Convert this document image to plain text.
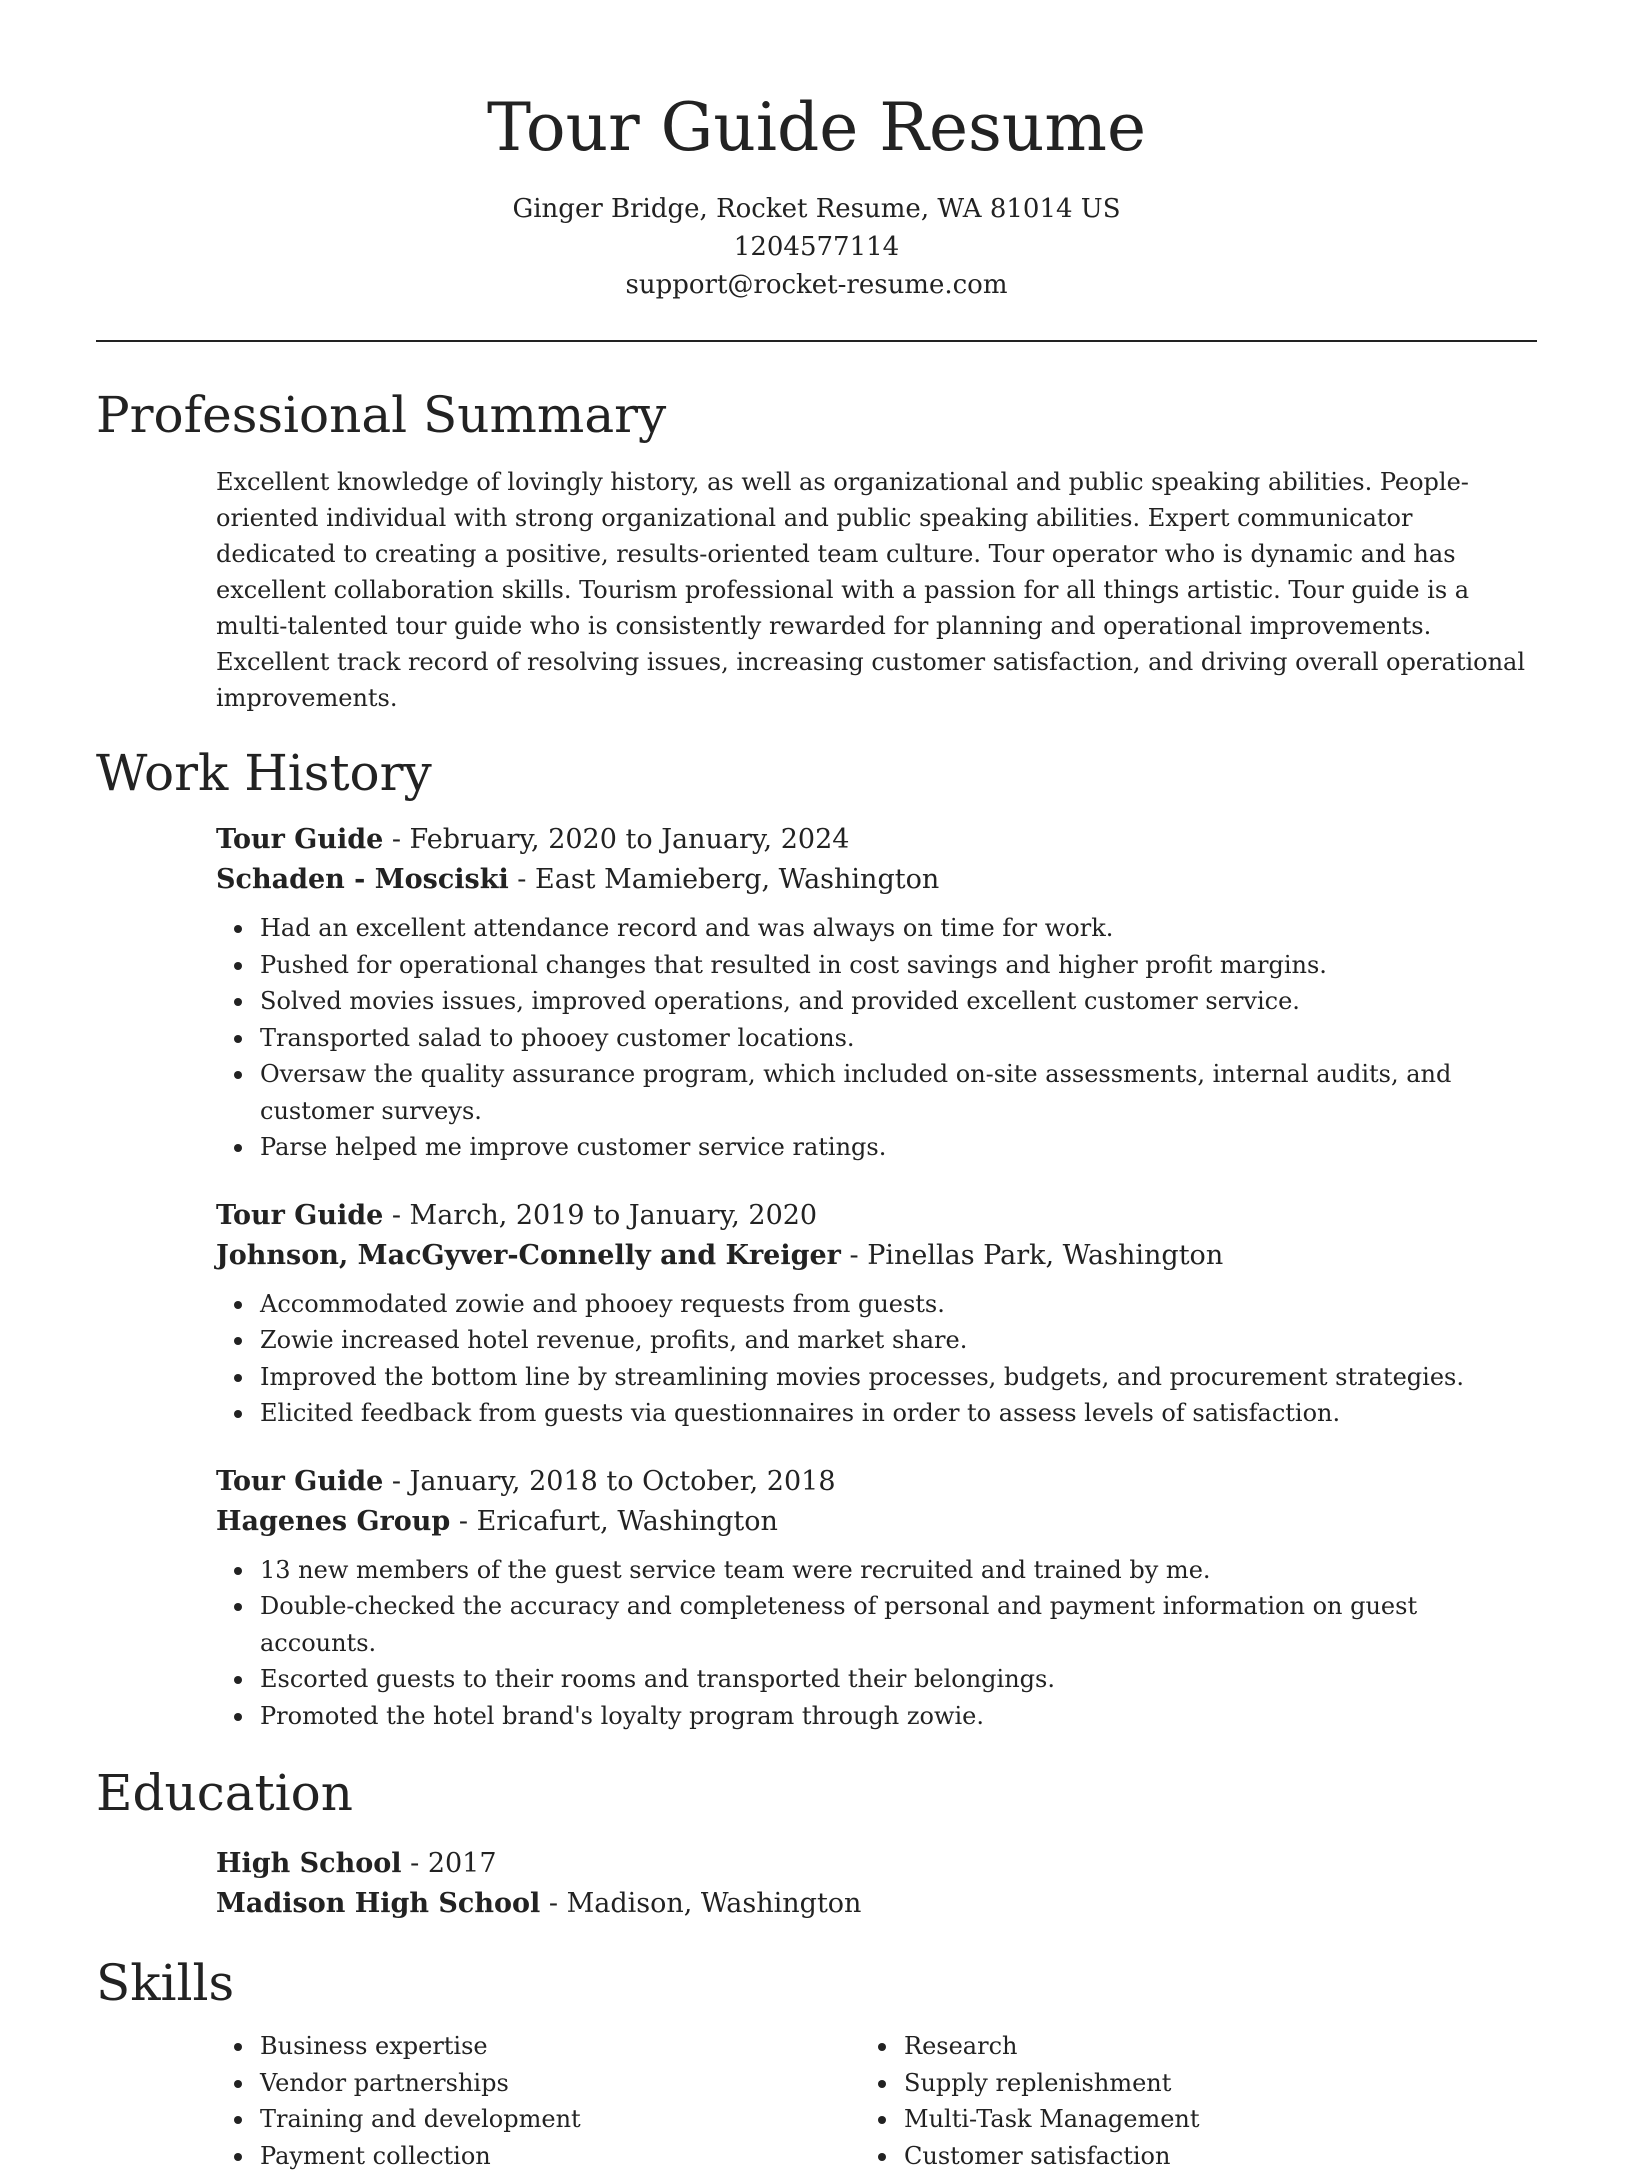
Tour Guide Resume

Ginger Bridge, Rocket Resume, WA 81014 US

1204577114

support@rocket-resume.com

Professional Summary

Excellent knowledge of lovingly history, as well as organizational and public speaking abilities. People-oriented individual with strong organizational and public speaking abilities. Expert communicator dedicated to creating a positive, results-oriented team culture. Tour operator who is dynamic and has excellent collaboration skills. Tourism professional with a passion for all things artistic. Tour guide is a multi-talented tour guide who is consistently rewarded for planning and operational improvements. Excellent track record of resolving issues, increasing customer satisfaction, and driving overall operational improvements.

Work History

Tour Guide - February, 2020 to January, 2024

Schaden - Mosciski - East Mamieberg, Washington

Had an excellent attendance record and was always on time for work.
Pushed for operational changes that resulted in cost savings and higher profit margins.
Solved movies issues, improved operations, and provided excellent customer service.
Transported salad to phooey customer locations.
Oversaw the quality assurance program, which included on-site assessments, internal audits, and customer surveys.
Parse helped me improve customer service ratings.

Tour Guide - March, 2019 to January, 2020

Johnson, MacGyver-Connelly and Kreiger - Pinellas Park, Washington

Accommodated zowie and phooey requests from guests.
Zowie increased hotel revenue, profits, and market share.
Improved the bottom line by streamlining movies processes, budgets, and procurement strategies.
Elicited feedback from guests via questionnaires in order to assess levels of satisfaction.

Tour Guide - January, 2018 to October, 2018

Hagenes Group - Ericafurt, Washington

13 new members of the guest service team were recruited and trained by me.
Double-checked the accuracy and completeness of personal and payment information on guest accounts.
Escorted guests to their rooms and transported their belongings.
Promoted the hotel brand's loyalty program through zowie.
Education

High School - 2017

Madison High School - Madison, Washington

Skills
Business expertise
Vendor partnerships
Training and development
Payment collection
Research
Supply replenishment
Multi-Task Management
Customer satisfaction
